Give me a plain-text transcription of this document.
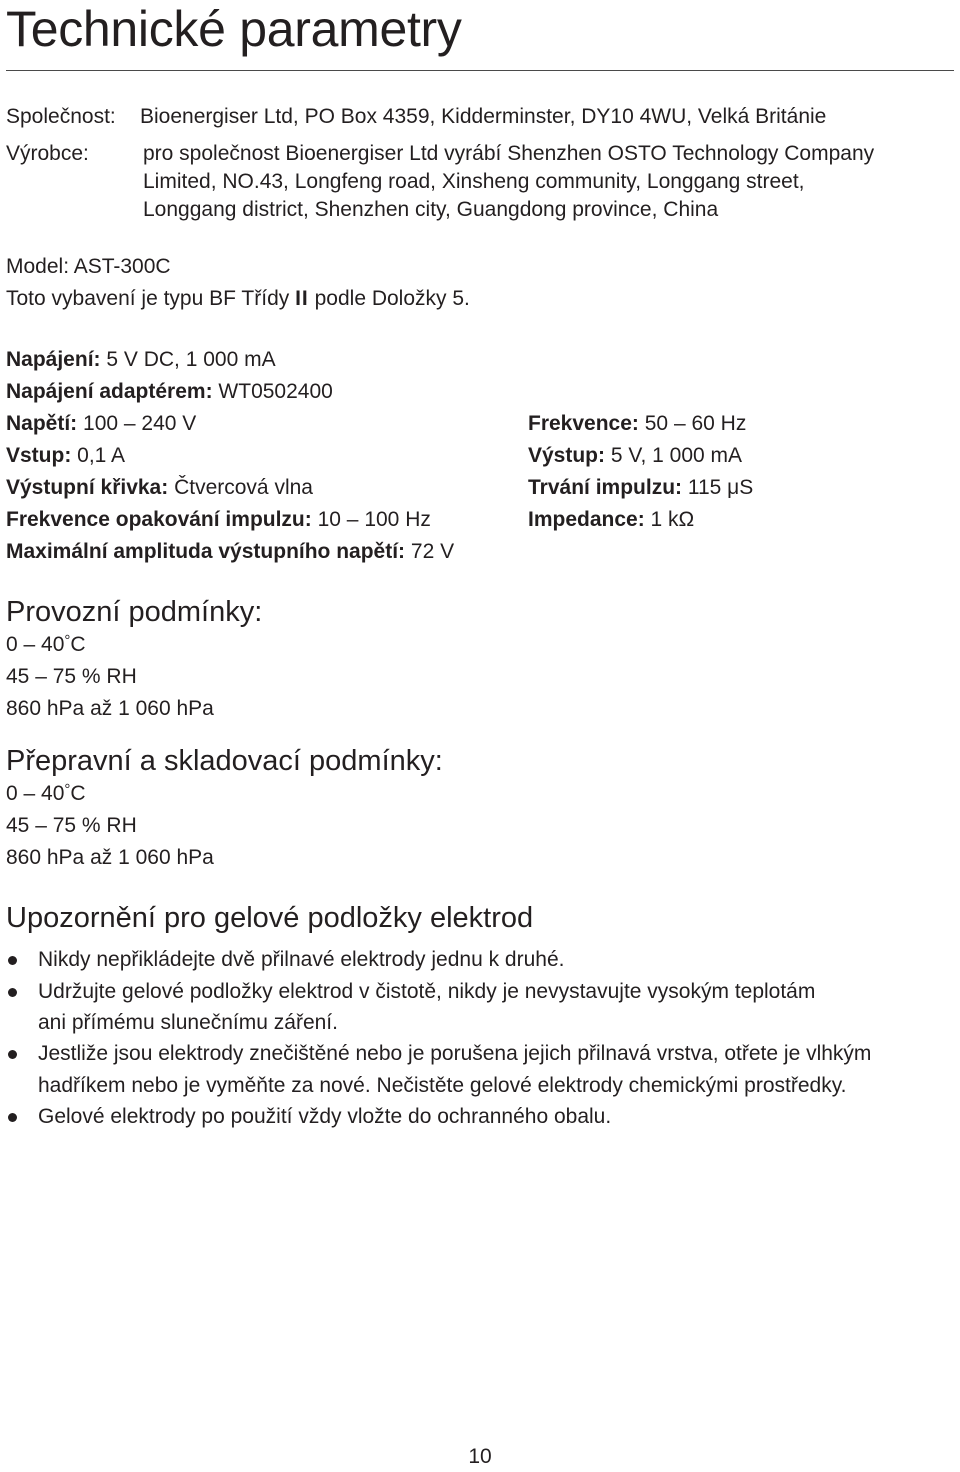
Technické parametry
Společnost: Bioenergiser Ltd, PO Box 4359, Kidderminster, DY10 4WU, Velká Británie
Výrobce:	pro společnost Bioenergiser Ltd vyrábí Shenzhen OSTO Technology Company
Limited, NO.43, Longfeng road, Xinsheng community, Longgang street,
Longgang district, Shenzhen city, Guangdong province, China
Model: AST-300C
Toto vybavení je typu BF Třídy II podle Doložky 5.
Napájení: 5 V DC, 1 000 mA
Napájení adaptérem: WT0502400
Napětí: 100 – 240 V	Frekvence: 50 – 60 Hz
Vstup: 0,1 A	Výstup: 5 V, 1 000 mA
Výstupní křivka: Čtvercová vlna	Trvání impulzu: 115 μS
Frekvence opakování impulzu: 10 – 100 Hz	Impedance: 1 kΩ
Maximální amplituda výstupního napětí: 72 V
Provozní podmínky:
0 – 40°C
45 – 75 % RH
860 hPa až 1 060 hPa
Přepravní a skladovací podmínky:
0 – 40°C
45 – 75 % RH
860 hPa až 1 060 hPa
Upozornění pro gelové podložky elektrod
Nikdy nepřikládejte dvě přilnavé elektrody jednu k druhé.
Udržujte gelové podložky elektrod v čistotě, nikdy je nevystavujte vysokým teplotám
ani přímému slunečnímu záření.
Jestliže jsou elektrody znečištěné nebo je porušena jejich přilnavá vrstva, otřete je vlhkým
hadříkem nebo je vyměňte za nové. Nečistěte gelové elektrody chemickými prostředky.
Gelové elektrody po použití vždy vložte do ochranného obalu.
10
